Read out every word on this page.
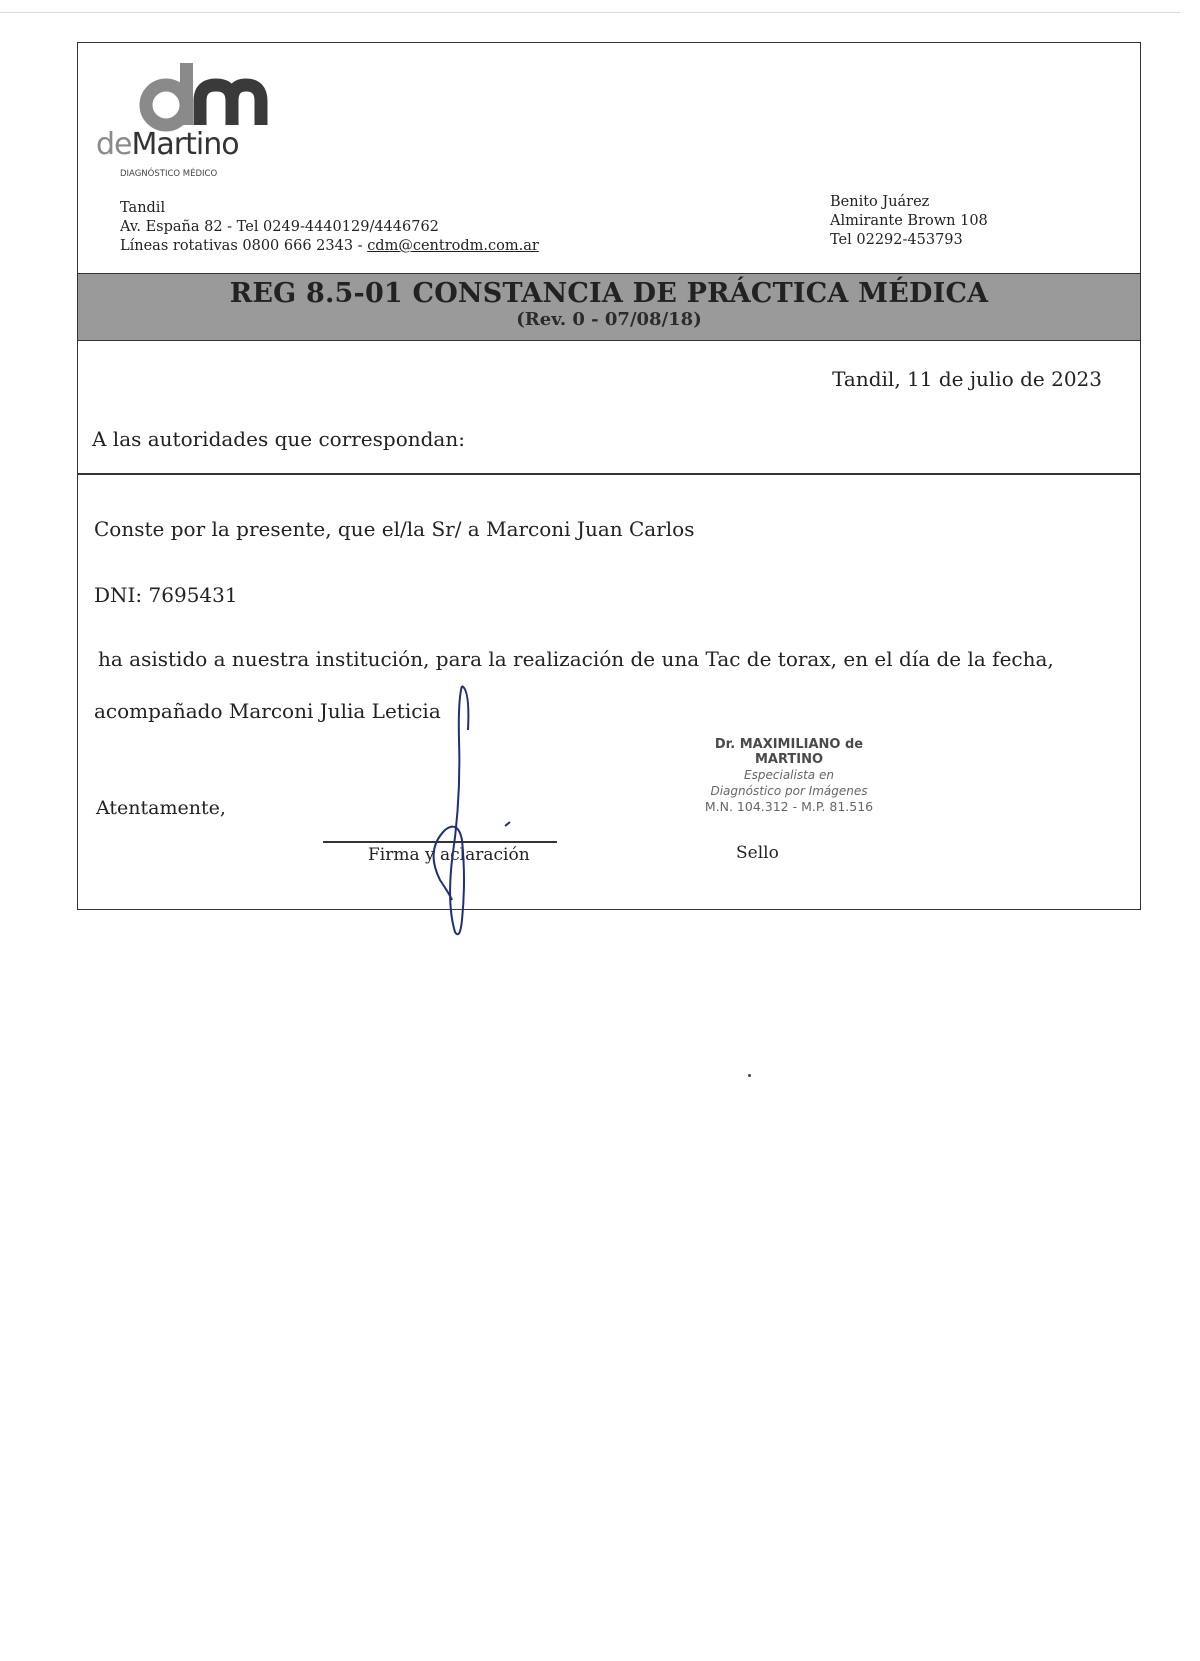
deMartino
DIAGNÓSTICO MÉDICO
Tandil
Av. España 82 - Tel 0249-4440129/4446762
Líneas rotativas 0800 666 2343 - cdm@centrodm.com.ar
Benito Juárez
Almirante Brown 108
Tel 02292-453793
REG 8.5-01 CONSTANCIA DE PRÁCTICA MÉDICA
(Rev. 0 - 07/08/18)
Tandil, 11 de julio de 2023
A las autoridades que correspondan:
Conste por la presente, que el/la Sr/ a Marconi Juan Carlos
DNI: 7695431
ha asistido a nuestra institución, para la realización de una Tac de torax, en el día de la fecha,
acompañado Marconi Julia Leticia
Atentamente,
Dr. MAXIMILIANO de MARTINO
Especialista en
Diagnóstico por Imágenes
M.N. 104.312 - M.P. 81.516
Firma y aclaración	Sello
